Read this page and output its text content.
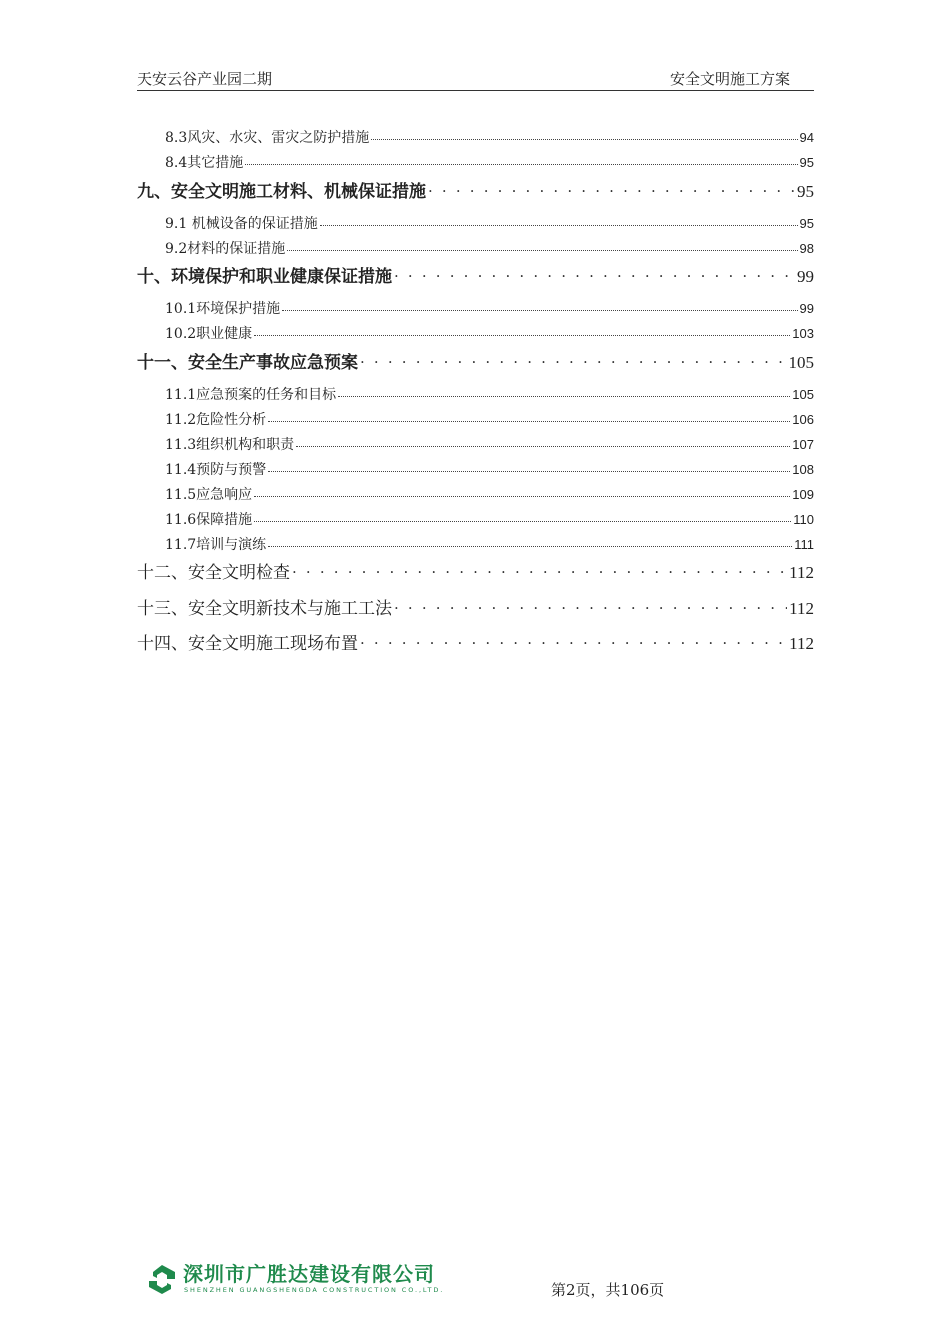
天安云谷产业园二期	安全文明施工方案
8.3风灾、水灾、雷灾之防护措施	94
8.4其它措施	95
九、安全文明施工材料、机械保证措施 . . .	95
9.1 机械设备的保证措施	95
9.2材料的保证措施	98
十、环境保护和职业健康保证措施 . . .	99
10.1环境保护措施	99
10.2职业健康	103
十一、安全生产事故应急预案 . . .	105
11.1应急预案的任务和目标	105
11.2危险性分析	106
11.3组织机构和职责	107
11.4预防与预警	108
11.5应急响应	109
11.6保障措施	110
11.7培训与演练	111
十二、安全文明检查 . . .	112
十三、安全文明新技术与施工工法 . . .	112
十四、安全文明施工现场布置 . . .	112
深圳市广胜达建设有限公司
SHENZHEN GUANGSHENGDA CONSTRUCTION CO.,LTD.	第2页，共106页
